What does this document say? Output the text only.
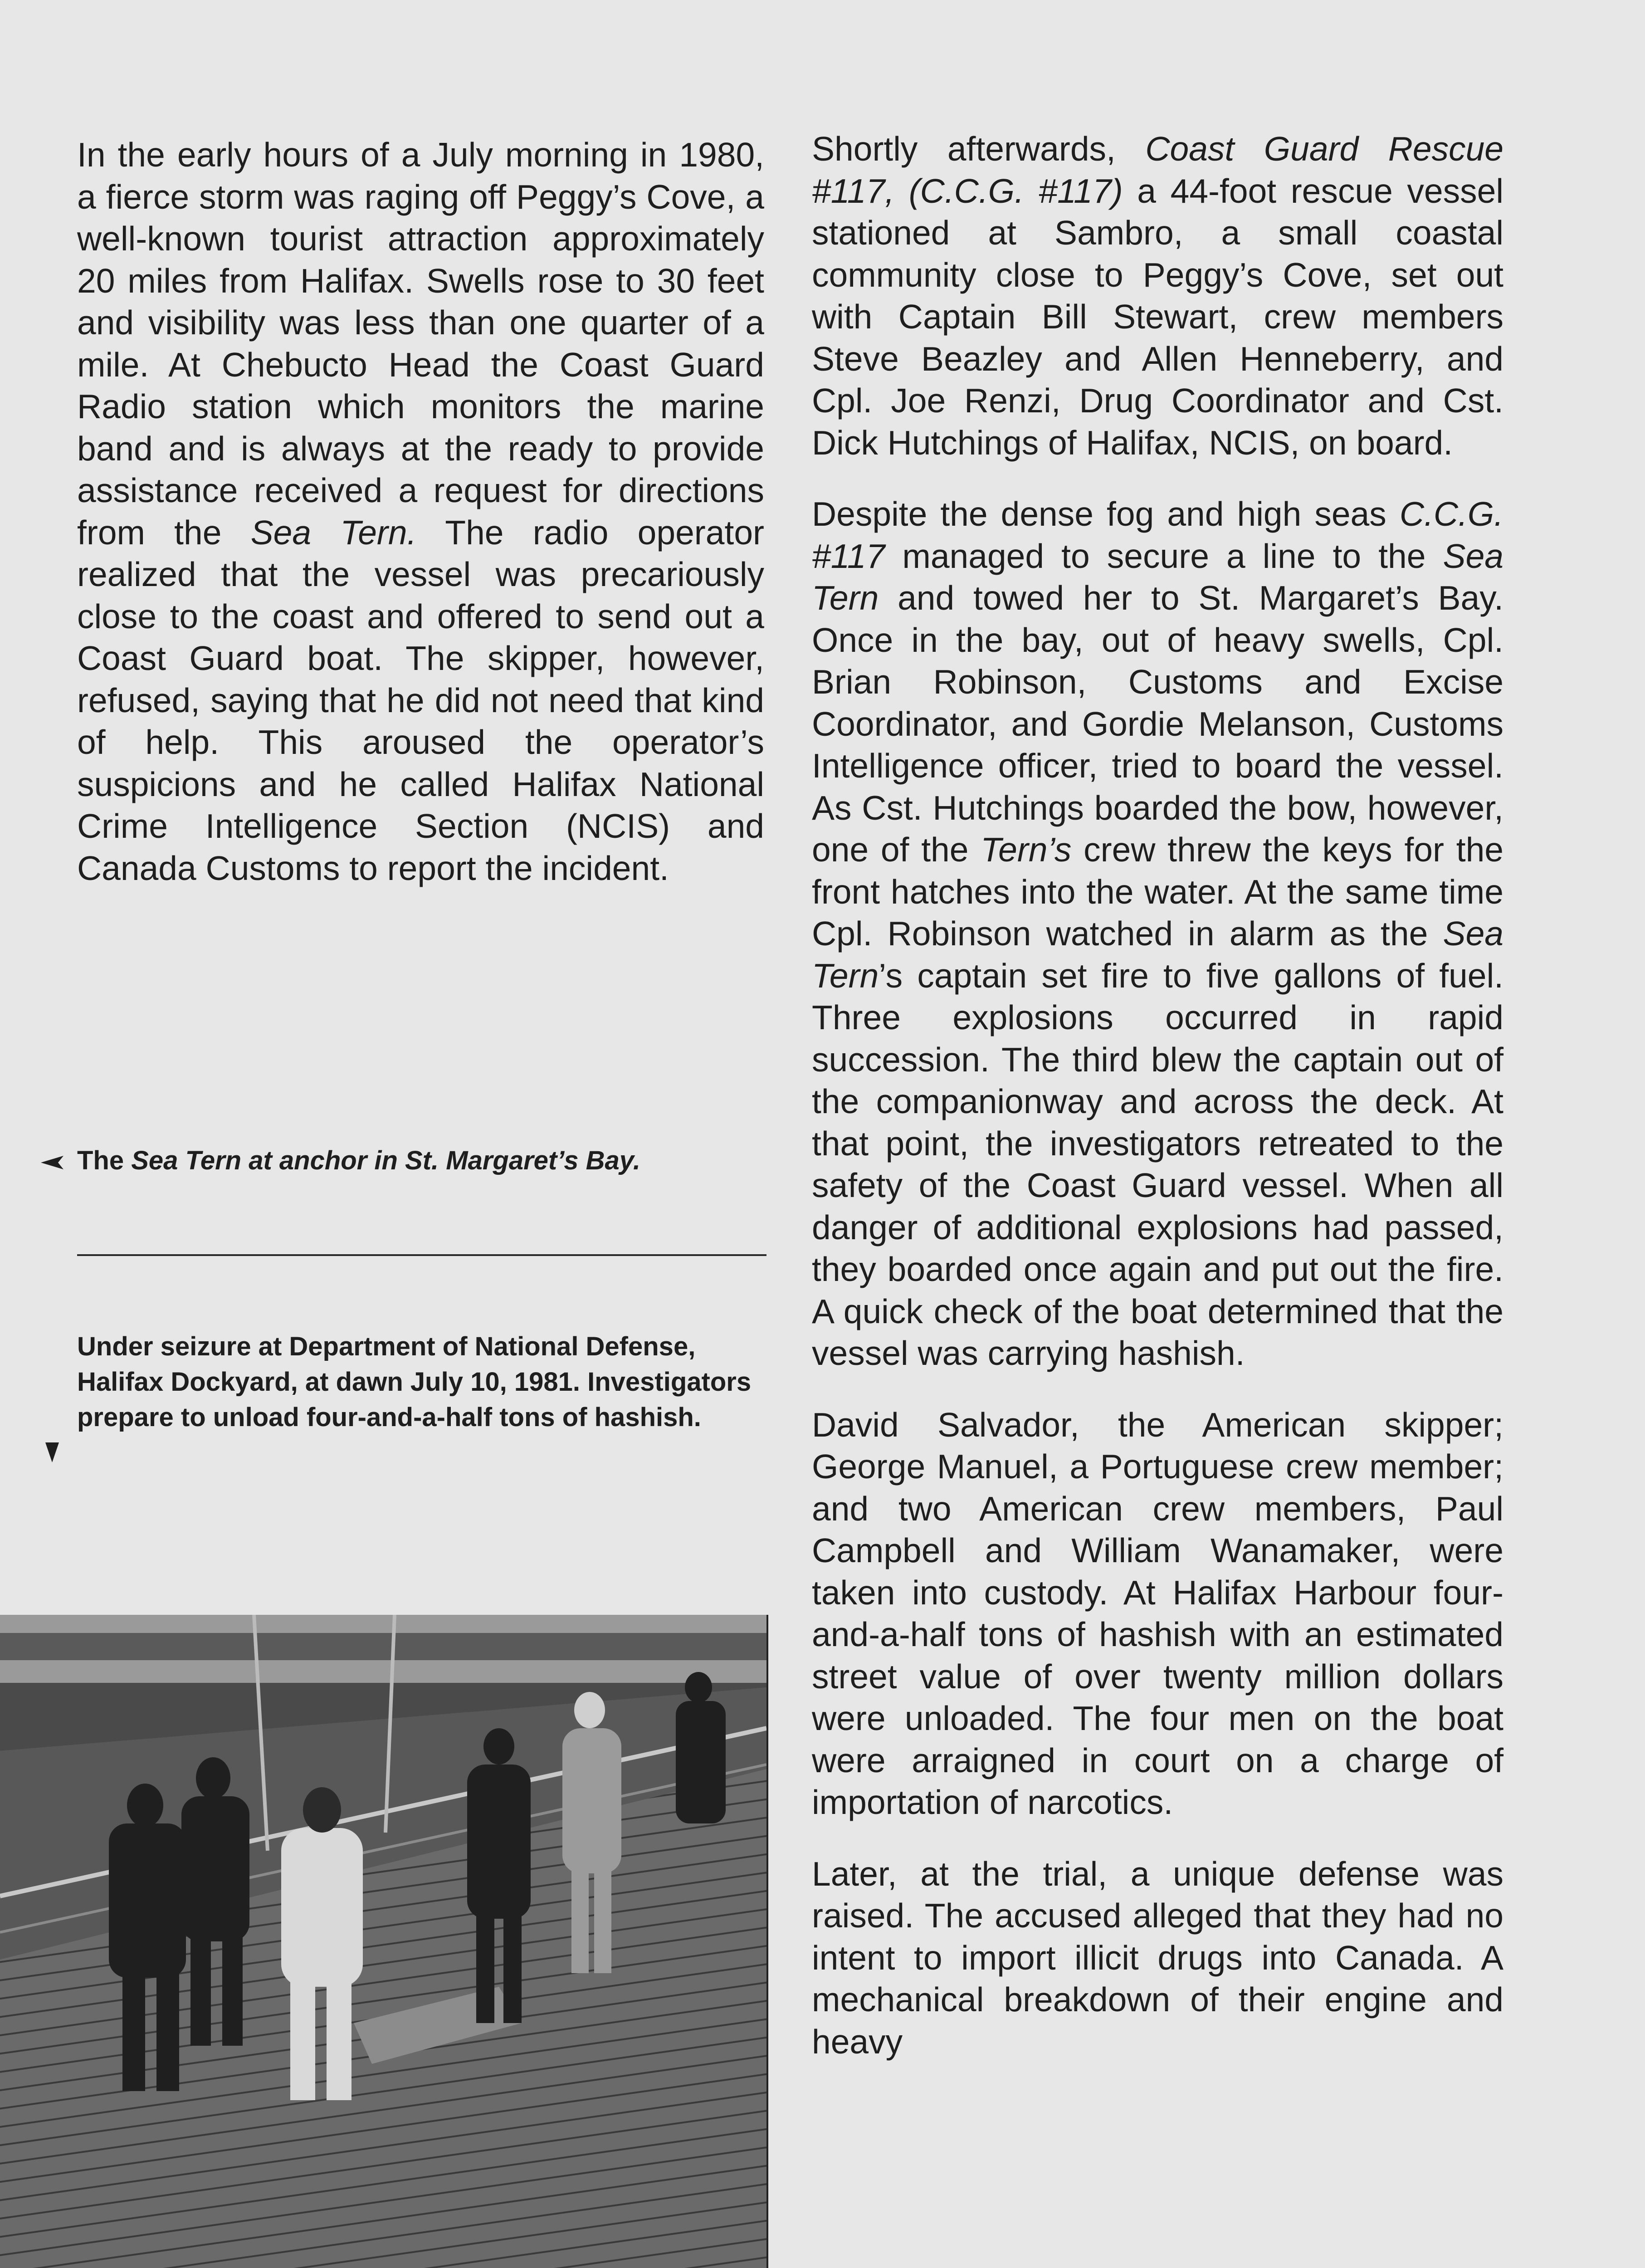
In the early hours of a July morning in 1980, a fierce storm was raging off Peggy’s Cove, a well-known tourist attraction approximately 20 miles from Halifax. Swells rose to 30 feet and visibility was less than one quarter of a mile. At Chebucto Head the Coast Guard Radio station which monitors the marine band and is always at the ready to provide assistance received a request for directions from the Sea Tern. The radio operator realized that the vessel was precariously close to the coast and offered to send out a Coast Guard boat. The skipper, however, refused, saying that he did not need that kind of help. This aroused the operator’s suspicions and he called Halifax National Crime Intelligence Section (NCIS) and Canada Customs to report the incident.

The Sea Tern at anchor in St. Margaret’s Bay.
Under seizure at Department of National Defense, Halifax Dockyard, at dawn July 10, 1981. Investigators prepare to unload four-and-a-half tons of hashish.

Shortly afterwards, Coast Guard Rescue #117, (C.C.G. #117) a 44-foot rescue vessel stationed at Sambro, a small coastal community close to Peggy’s Cove, set out with Captain Bill Stewart, crew members Steve Beazley and Allen Henneberry, and Cpl. Joe Renzi, Drug Coordinator and Cst. Dick Hutchings of Halifax, NCIS, on board.

Despite the dense fog and high seas C.C.G. #117 managed to secure a line to the Sea Tern and towed her to St. Margaret’s Bay. Once in the bay, out of heavy swells, Cpl. Brian Robinson, Customs and Excise Coordinator, and Gordie Melanson, Customs Intelligence officer, tried to board the vessel. As Cst. Hutchings boarded the bow, however, one of the Tern’s crew threw the keys for the front hatches into the water. At the same time Cpl. Robinson watched in alarm as the Sea Tern’s captain set fire to five gallons of fuel. Three explosions occurred in rapid succession. The third blew the captain out of the companionway and across the deck. At that point, the investigators retreated to the safety of the Coast Guard vessel. When all danger of additional explosions had passed, they boarded once again and put out the fire. A quick check of the boat determined that the vessel was carrying hashish.

David Salvador, the American skipper; George Manuel, a Portuguese crew member; and two American crew members, Paul Campbell and William Wanamaker, were taken into custody. At Halifax Harbour four-and-a-half tons of hashish with an estimated street value of over twenty million dollars were unloaded. The four men on the boat were arraigned in court on a charge of importation of narcotics.

Later, at the trial, a unique defense was raised. The accused alleged that they had no intent to import illicit drugs into Canada. A mechanical breakdown of their engine and heavy
